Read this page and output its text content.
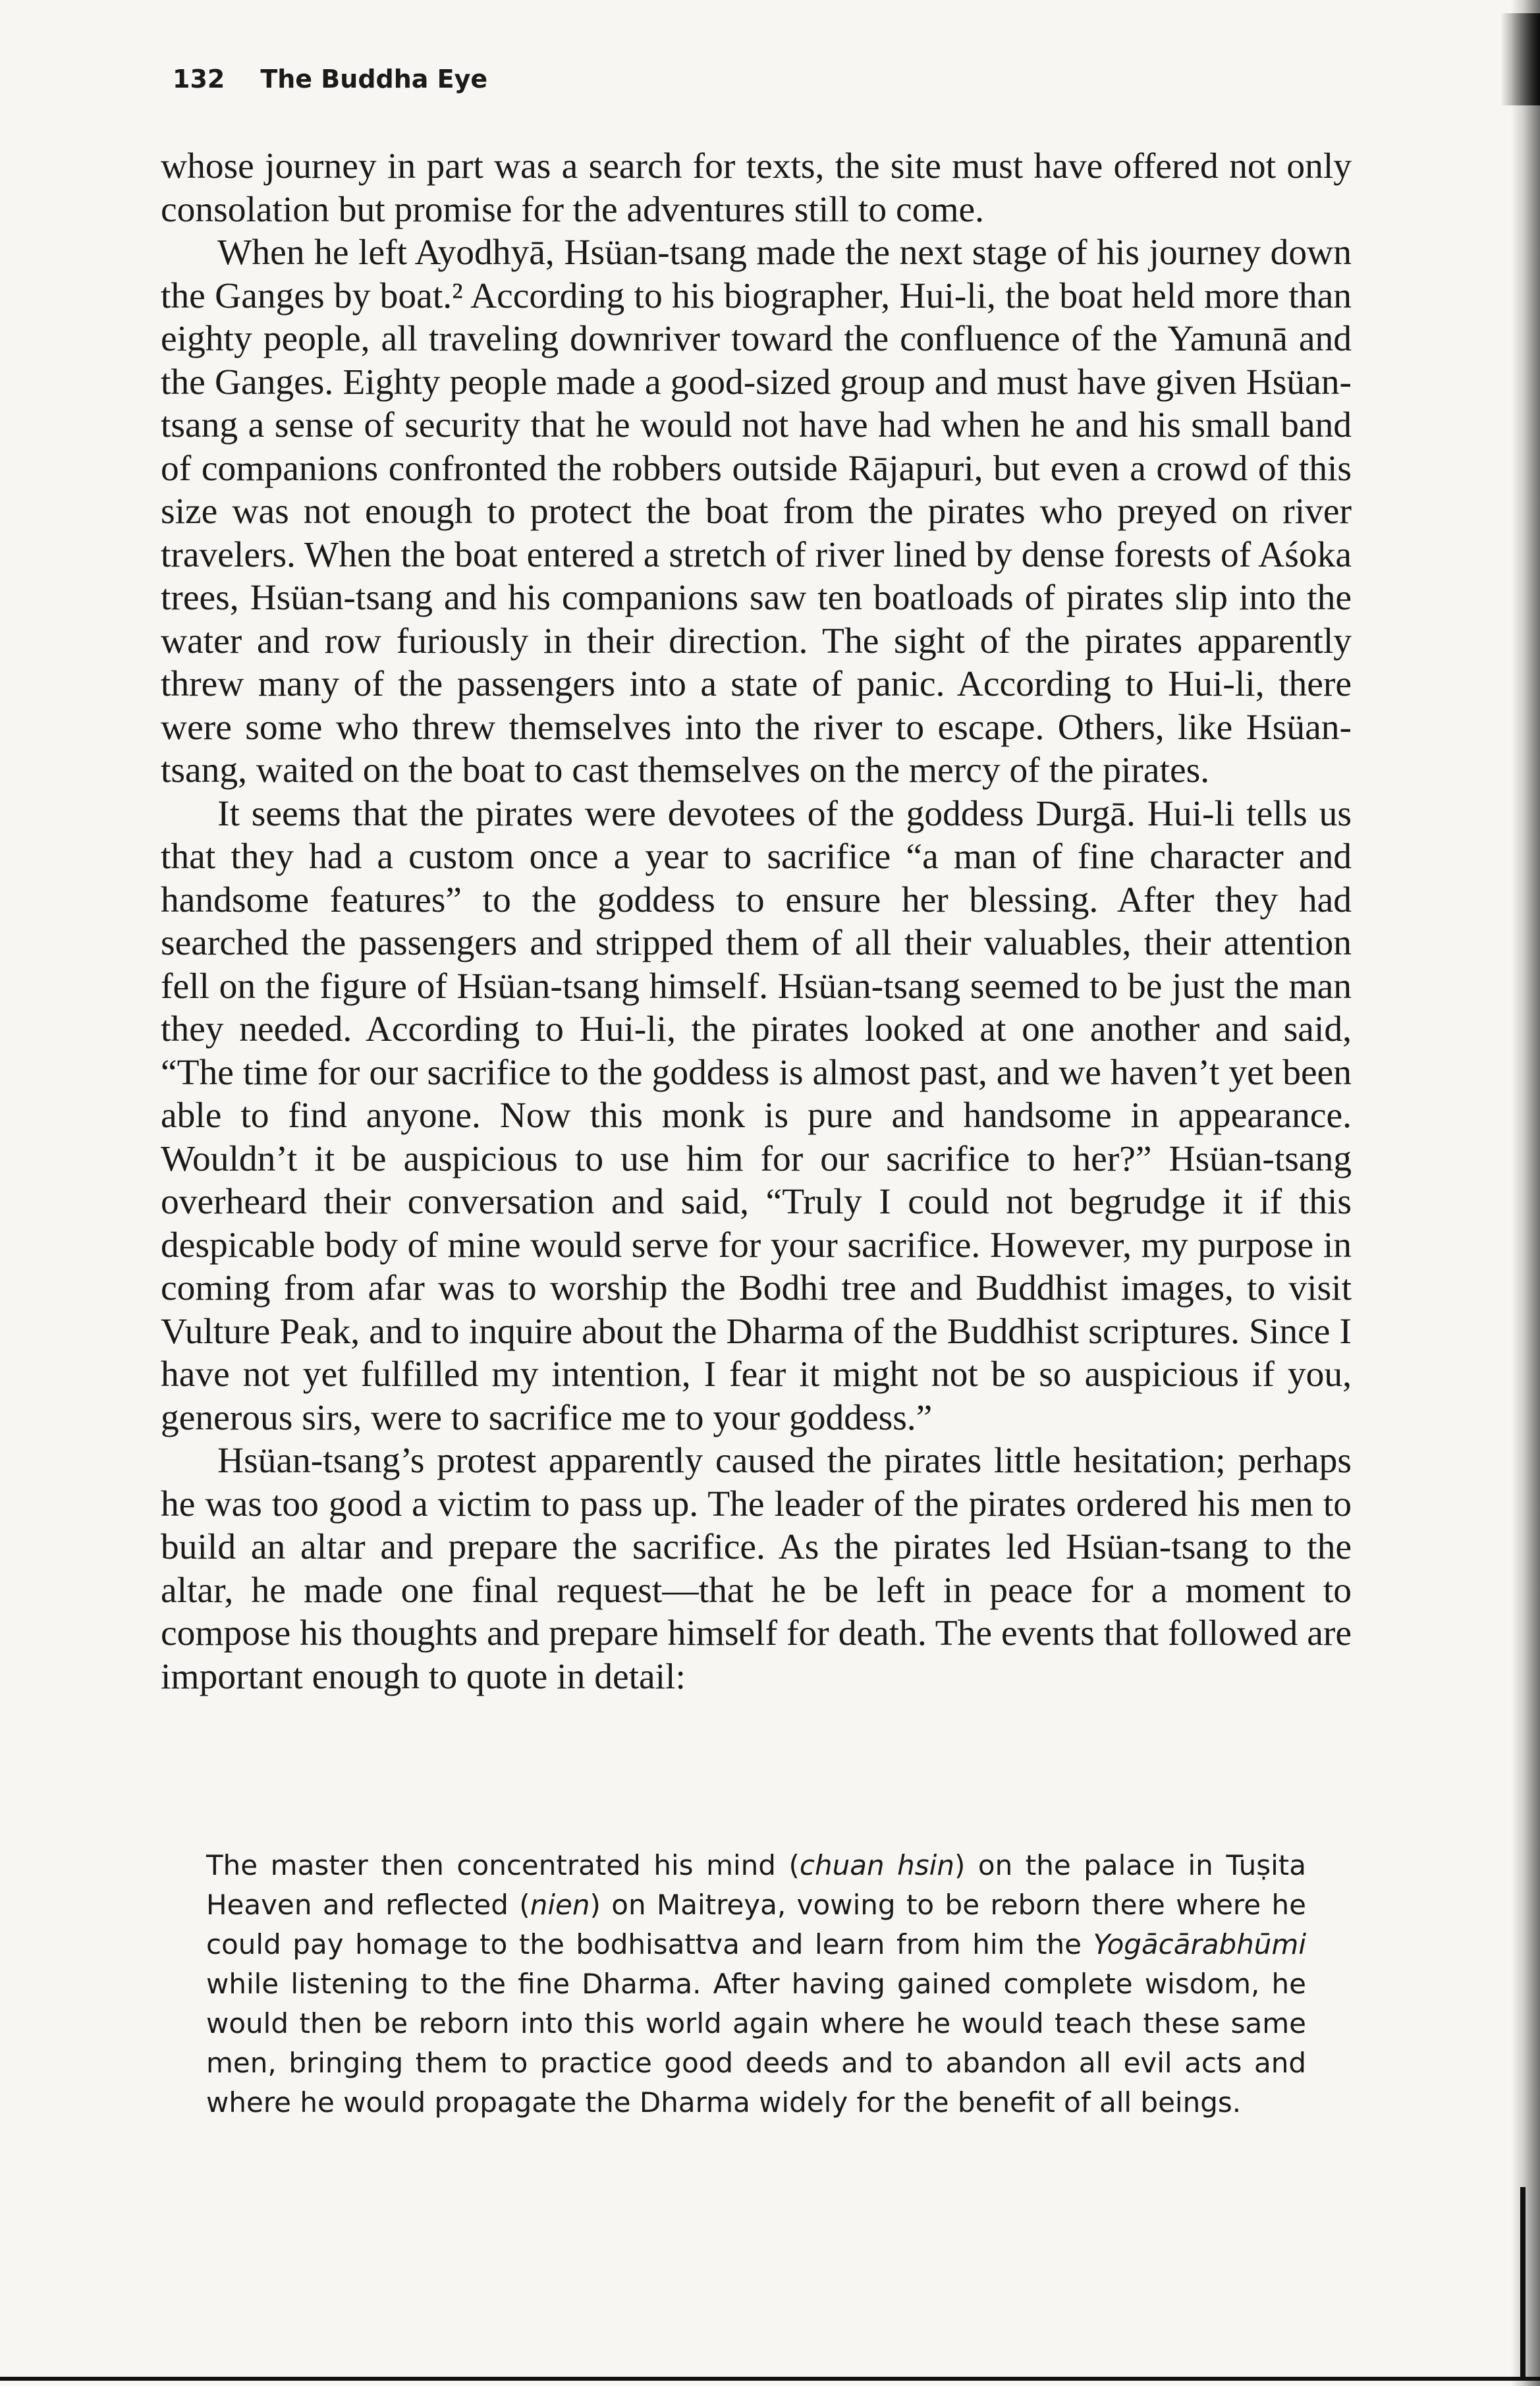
132 The Buddha Eye

whose journey in part was a search for texts, the site must have offered not only consolation but promise for the adventures still to come.

When he left Ayodhyā, Hsüan-tsang made the next stage of his journey down the Ganges by boat.² According to his biographer, Hui-li, the boat held more than eighty people, all traveling downriver toward the confluence of the Yamunā and the Ganges. Eighty people made a good-sized group and must have given Hsüan-tsang a sense of security that he would not have had when he and his small band of companions confronted the robbers outside Rājapuri, but even a crowd of this size was not enough to protect the boat from the pirates who preyed on river travelers. When the boat entered a stretch of river lined by dense forests of Aśoka trees, Hsüan-tsang and his companions saw ten boatloads of pirates slip into the water and row furiously in their direction. The sight of the pirates apparently threw many of the passengers into a state of panic. According to Hui-li, there were some who threw themselves into the river to escape. Others, like Hsüan-tsang, waited on the boat to cast themselves on the mercy of the pirates.

It seems that the pirates were devotees of the goddess Durgā. Hui-li tells us that they had a custom once a year to sacrifice “a man of fine character and handsome features” to the goddess to ensure her blessing. After they had searched the passengers and stripped them of all their valuables, their attention fell on the figure of Hsüan-tsang himself. Hsüan-tsang seemed to be just the man they needed. According to Hui-li, the pirates looked at one another and said, “The time for our sacrifice to the goddess is almost past, and we haven’t yet been able to find anyone. Now this monk is pure and handsome in appearance. Wouldn’t it be auspicious to use him for our sacrifice to her?” Hsüan-tsang overheard their conversation and said, “Truly I could not begrudge it if this despicable body of mine would serve for your sacrifice. However, my purpose in coming from afar was to worship the Bodhi tree and Buddhist images, to visit Vulture Peak, and to inquire about the Dharma of the Buddhist scriptures. Since I have not yet fulfilled my intention, I fear it might not be so auspicious if you, generous sirs, were to sacrifice me to your goddess.”

Hsüan-tsang’s protest apparently caused the pirates little hesitation; perhaps he was too good a victim to pass up. The leader of the pirates ordered his men to build an altar and prepare the sacrifice. As the pirates led Hsüan-tsang to the altar, he made one final request—that he be left in peace for a moment to compose his thoughts and prepare himself for death. The events that followed are important enough to quote in detail:

The master then concentrated his mind (chuan hsin) on the palace in Tuṣita Heaven and reflected (nien) on Maitreya, vowing to be reborn there where he could pay homage to the bodhisattva and learn from him the Yogācārabhūmi while listening to the fine Dharma. After having gained complete wisdom, he would then be reborn into this world again where he would teach these same men, bringing them to practice good deeds and to abandon all evil acts and where he would propagate the Dharma widely for the benefit of all beings.
